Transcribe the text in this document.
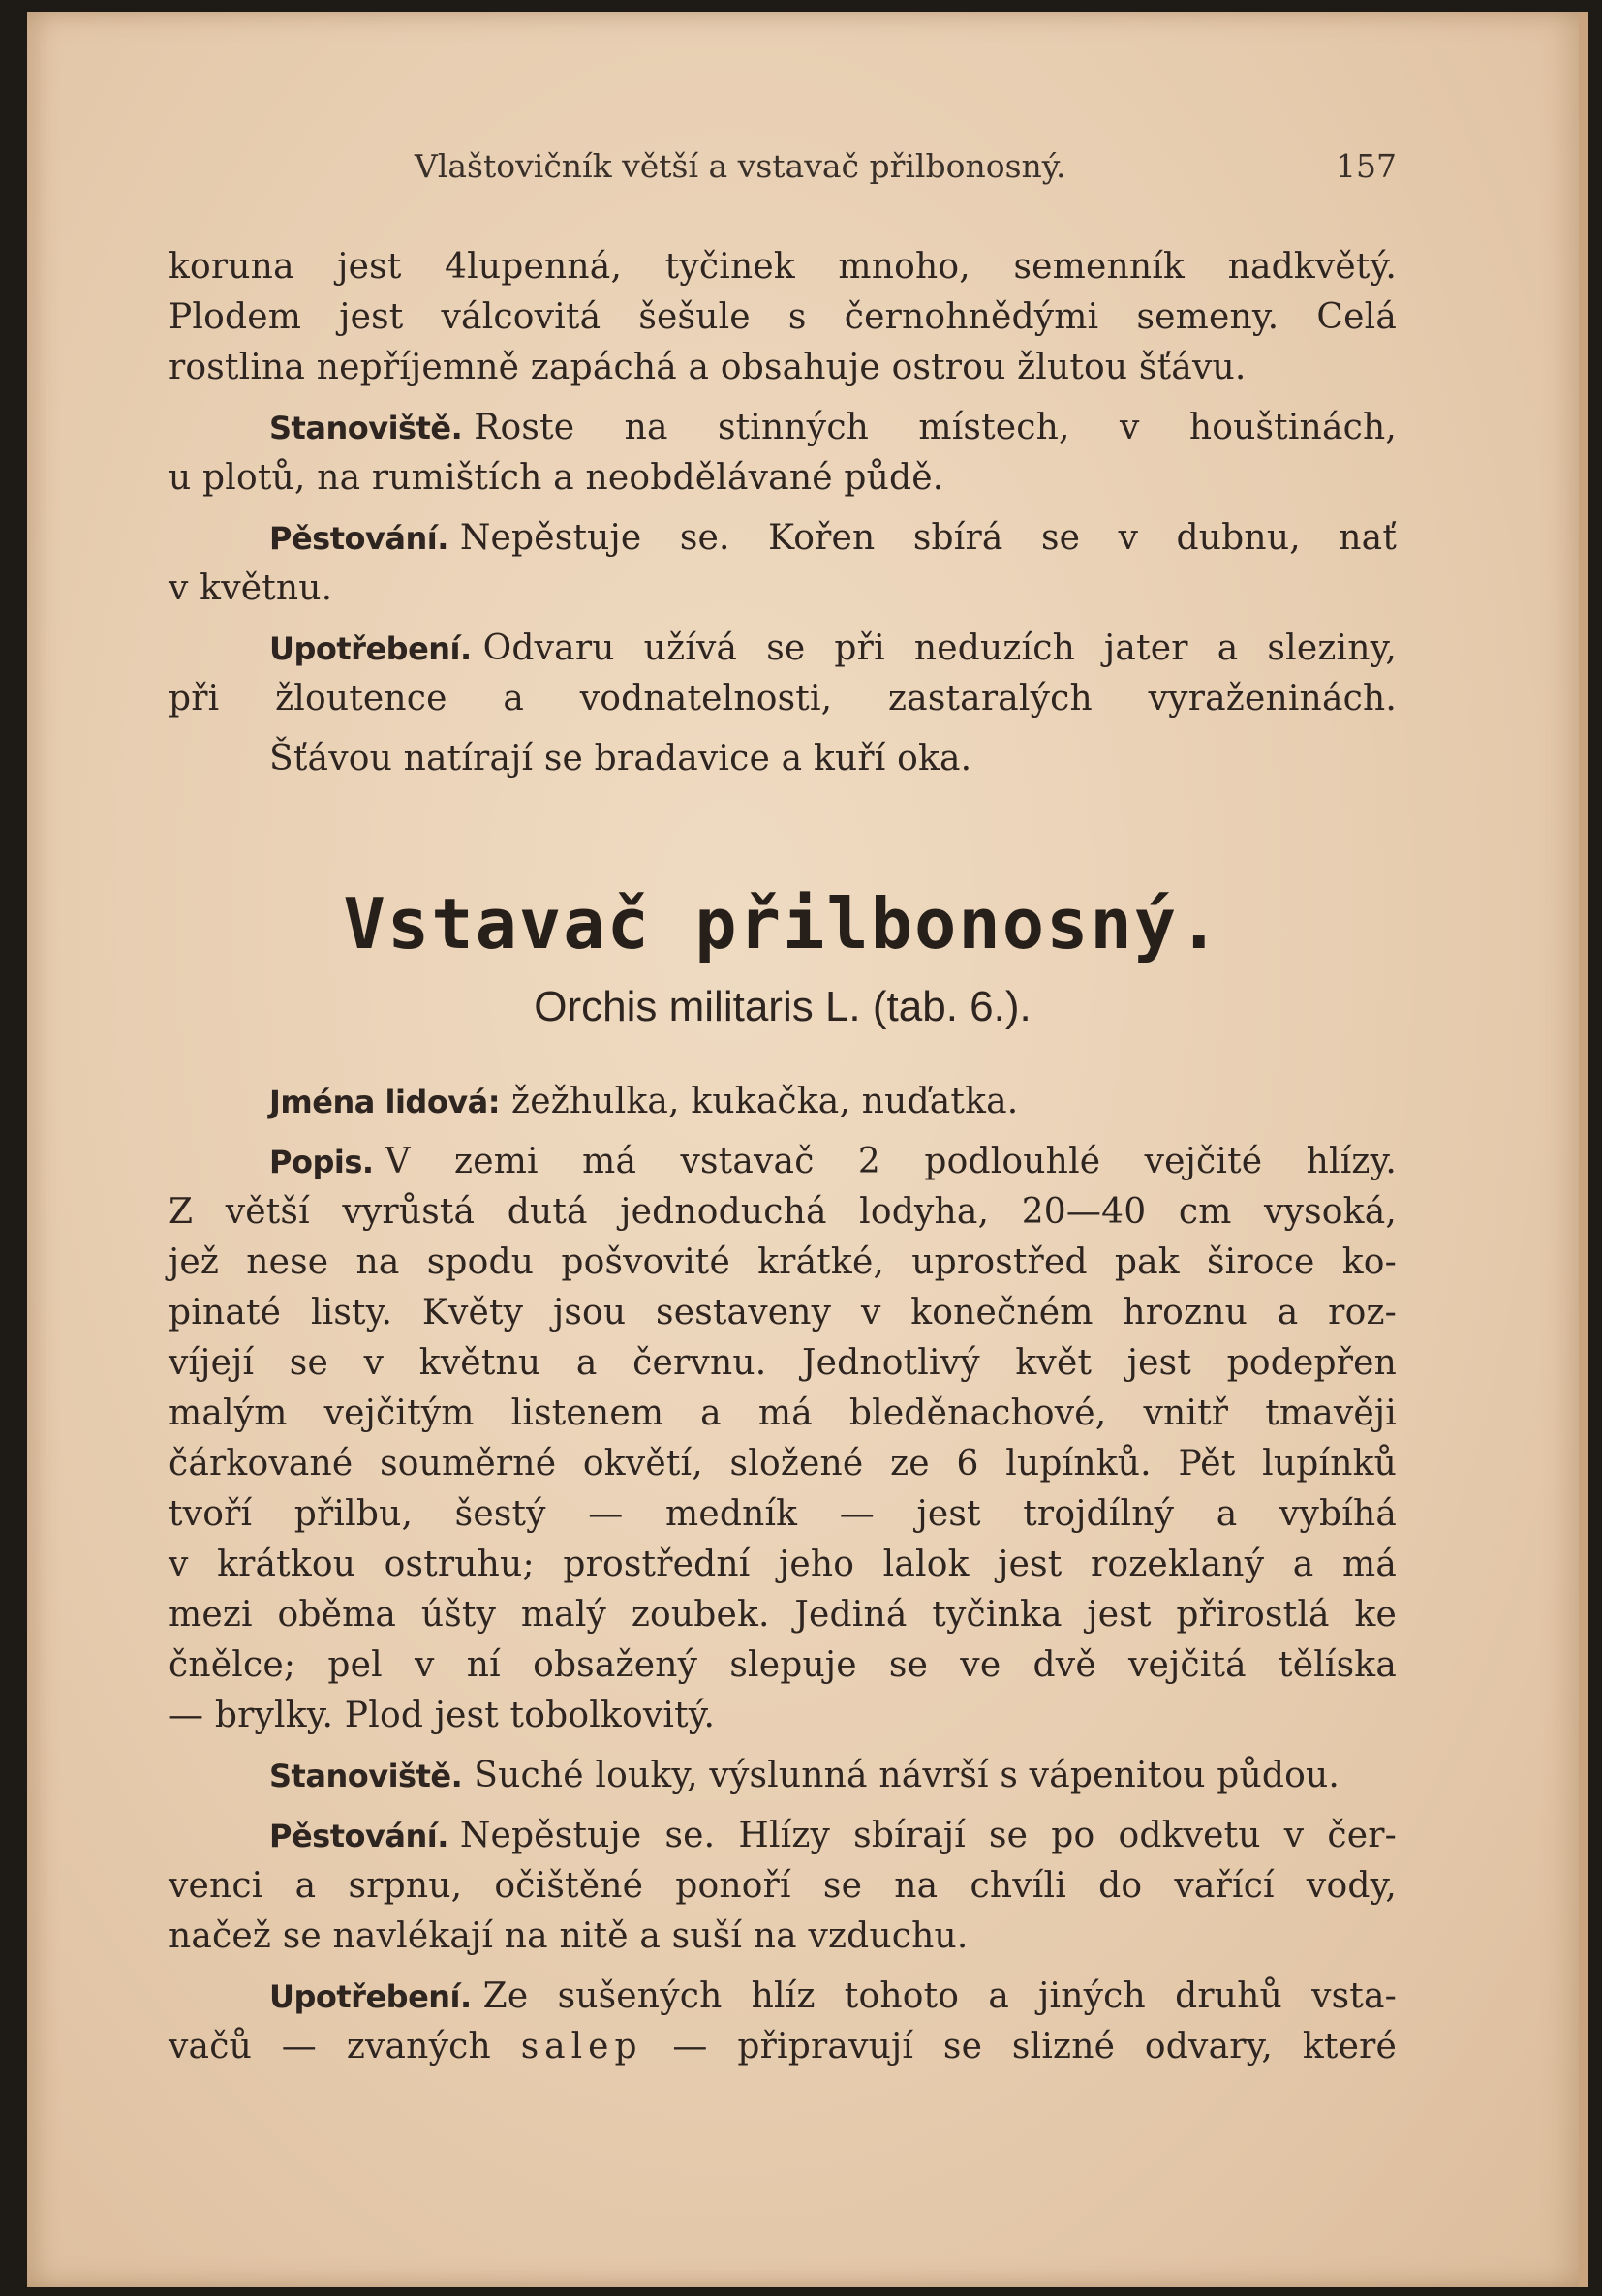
Vlaštovičník větší a vstavač přilbonosný.	157
koruna jest 4lupenná, tyčinek mnoho, semenník nadkvětý.
Plodem jest válcovitá šešule s černohnědými semeny. Celá
rostlina nepříjemně zapáchá a obsahuje ostrou žlutou šťávu.
Stanoviště. Roste na stinných místech, v houštinách,
u plotů, na rumištích a neobdělávané půdě.
Pěstování. Nepěstuje se. Kořen sbírá se v dubnu, nať
v květnu.
Upotřebení. Odvaru užívá se při neduzích jater a sleziny,
při žloutence a vodnatelnosti, zastaralých vyraženinách.
Šťávou natírají se bradavice a kuří oka.
Vstavač přilbonosný.
Orchis militaris L. (tab. 6.).
Jména lidová: žežhulka, kukačka, nuďatka.
Popis. V zemi má vstavač 2 podlouhlé vejčité hlízy.
Z větší vyrůstá dutá jednoduchá lodyha, 20—40 cm vysoká,
jež nese na spodu pošvovité krátké, uprostřed pak široce ko-
pinaté listy. Květy jsou sestaveny v konečném hroznu a roz-
víjejí se v květnu a červnu. Jednotlivý květ jest podepřen
malým vejčitým listenem a má bleděnachové, vnitř tmavěji
čárkované souměrné okvětí, složené ze 6 lupínků. Pět lupínků
tvoří přilbu, šestý — medník — jest trojdílný a vybíhá
v krátkou ostruhu; prostřední jeho lalok jest rozeklaný a má
mezi oběma úšty malý zoubek. Jediná tyčinka jest přirostlá ke
čnělce; pel v ní obsažený slepuje se ve dvě vejčitá tělíska
— brylky. Plod jest tobolkovitý.
Stanoviště. Suché louky, výslunná návrší s vápenitou půdou.
Pěstování. Nepěstuje se. Hlízy sbírají se po odkvetu v čer-
venci a srpnu, očištěné ponoří se na chvíli do vařící vody,
načež se navlékají na nitě a suší na vzduchu.
Upotřebení. Ze sušených hlíz tohoto a jiných druhů vsta-
vačů — zvaných salep — připravují se slizné odvary, které
